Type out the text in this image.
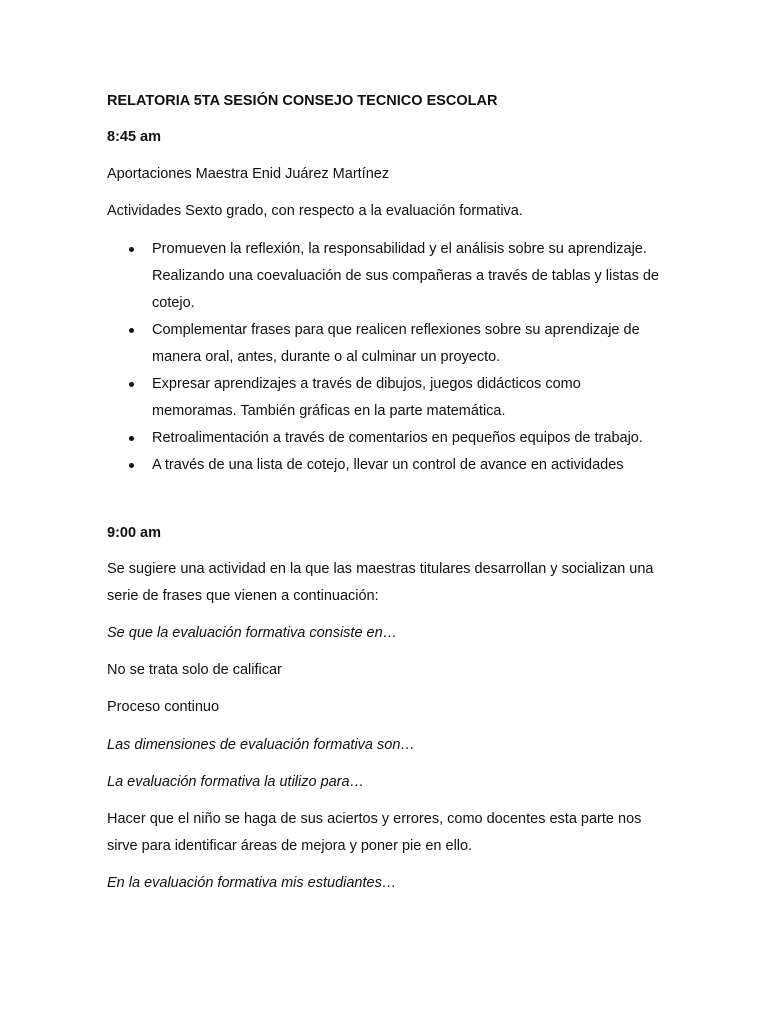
RELATORIA 5TA SESIÓN CONSEJO TECNICO ESCOLAR

8:45 am

Aportaciones Maestra Enid Juárez Martínez

Actividades Sexto grado, con respecto a la evaluación formativa.

Promueven la reflexión, la responsabilidad y el análisis sobre su aprendizaje. Realizando una coevaluación de sus compañeras a través de tablas y listas de cotejo.
Complementar frases para que realicen reflexiones sobre su aprendizaje de manera oral, antes, durante o al culminar un proyecto.
Expresar aprendizajes a través de dibujos, juegos didácticos como memoramas. También gráficas en la parte matemática.
Retroalimentación a través de comentarios en pequeños equipos de trabajo.
A través de una lista de cotejo, llevar un control de avance en actividades

9:00 am

Se sugiere una actividad en la que las maestras titulares desarrollan y socializan una serie de frases que vienen a continuación:

Se que la evaluación formativa consiste en…

No se trata solo de calificar

Proceso continuo

Las dimensiones de evaluación formativa son…

La evaluación formativa la utilizo para…

Hacer que el niño se haga de sus aciertos y errores, como docentes esta parte nos sirve para identificar áreas de mejora y poner pie en ello.

En la evaluación formativa mis estudiantes…
